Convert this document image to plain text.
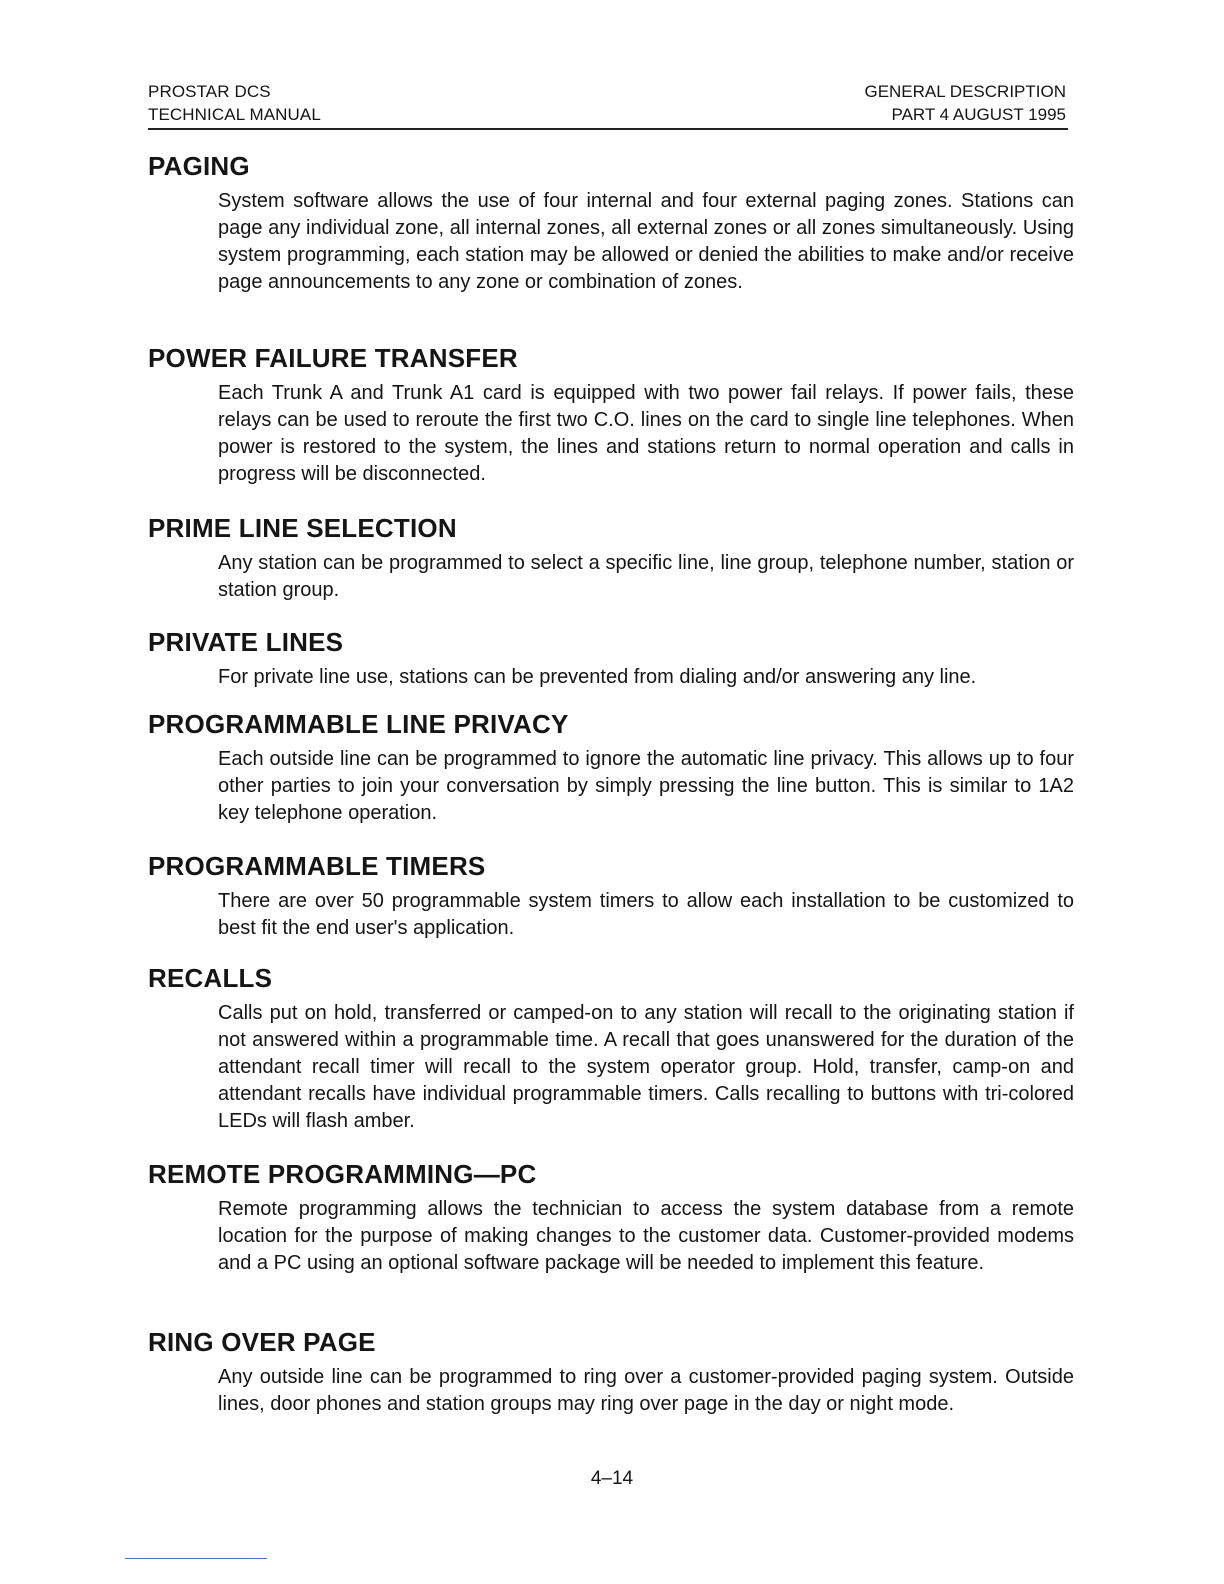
PROSTAR DCS
TECHNICAL MANUAL
GENERAL DESCRIPTION
PART 4 AUGUST 1995
PAGING

System software allows the use of four internal and four external paging zones. Stations can page any individual zone, all internal zones, all external zones or all zones simultaneously. Using system programming, each station may be allowed or denied the abilities to make and/or receive page announcements to any zone or combination of zones.

POWER FAILURE TRANSFER

Each Trunk A and Trunk A1 card is equipped with two power fail relays. If power fails, these relays can be used to reroute the first two C.O. lines on the card to single line telephones. When power is restored to the system, the lines and stations return to normal operation and calls in progress will be disconnected.

PRIME LINE SELECTION

Any station can be programmed to select a specific line, line group, telephone number, station or station group.

PRIVATE LINES

For private line use, stations can be prevented from dialing and/or answering any line.

PROGRAMMABLE LINE PRIVACY

Each outside line can be programmed to ignore the automatic line privacy. This allows up to four other parties to join your conversation by simply pressing the line button. This is similar to 1A2 key telephone operation.

PROGRAMMABLE TIMERS

There are over 50 programmable system timers to allow each installation to be customized to best fit the end user's application.

RECALLS

Calls put on hold, transferred or camped-on to any station will recall to the originating station if not answered within a programmable time. A recall that goes unanswered for the duration of the attendant recall timer will recall to the system operator group. Hold, transfer, camp-on and attendant recalls have individual programmable timers. Calls recalling to buttons with tri-colored LEDs will flash amber.

REMOTE PROGRAMMING—PC

Remote programming allows the technician to access the system database from a remote location for the purpose of making changes to the customer data. Customer-provided modems and a PC using an optional software package will be needed to implement this feature.

RING OVER PAGE

Any outside line can be programmed to ring over a customer-provided paging system. Outside lines, door phones and station groups may ring over page in the day or night mode.

4–14
